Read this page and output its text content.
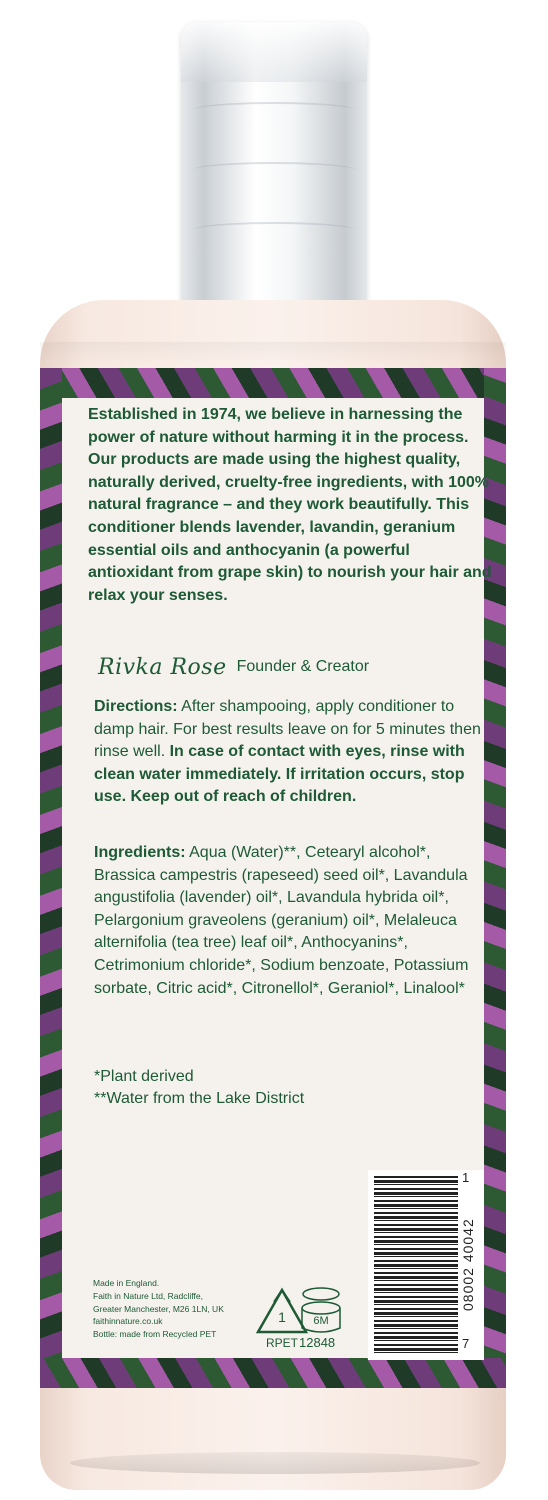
Established in 1974, we believe in harnessing the power of nature without harming it in the process. Our products are made using the highest quality, naturally derived, cruelty-free ingredients, with 100% natural fragrance – and they work beautifully. This conditioner blends lavender, lavandin, geranium essential oils and anthocyanin (a powerful antioxidant from grape skin) to nourish your hair and relax your senses.
Rivka Rose Founder & Creator
Directions: After shampooing, apply conditioner to damp hair. For best results leave on for 5 minutes then rinse well. In case of contact with eyes, rinse with clean water immediately. If irritation occurs, stop use. Keep out of reach of children.
Ingredients: Aqua (Water)**, Cetearyl alcohol*, Brassica campestris (rapeseed) seed oil*, Lavandula angustifolia (lavender) oil*, Lavandula hybrida oil*, Pelargonium graveolens (geranium) oil*, Melaleuca alternifolia (tea tree) leaf oil*, Anthocyanins*, Cetrimonium chloride*, Sodium benzoate, Potassium sorbate, Citric acid*, Citronellol*, Geraniol*, Linalool*
*Plant derived
**Water from the Lake District
Made in England.
Faith in Nature Ltd, Radcliffe,
Greater Manchester, M26 1LN, UK
faithinnature.co.uk
Bottle: made from Recycled PET
1
RPET
6M
12848
08002 40042
7
1
